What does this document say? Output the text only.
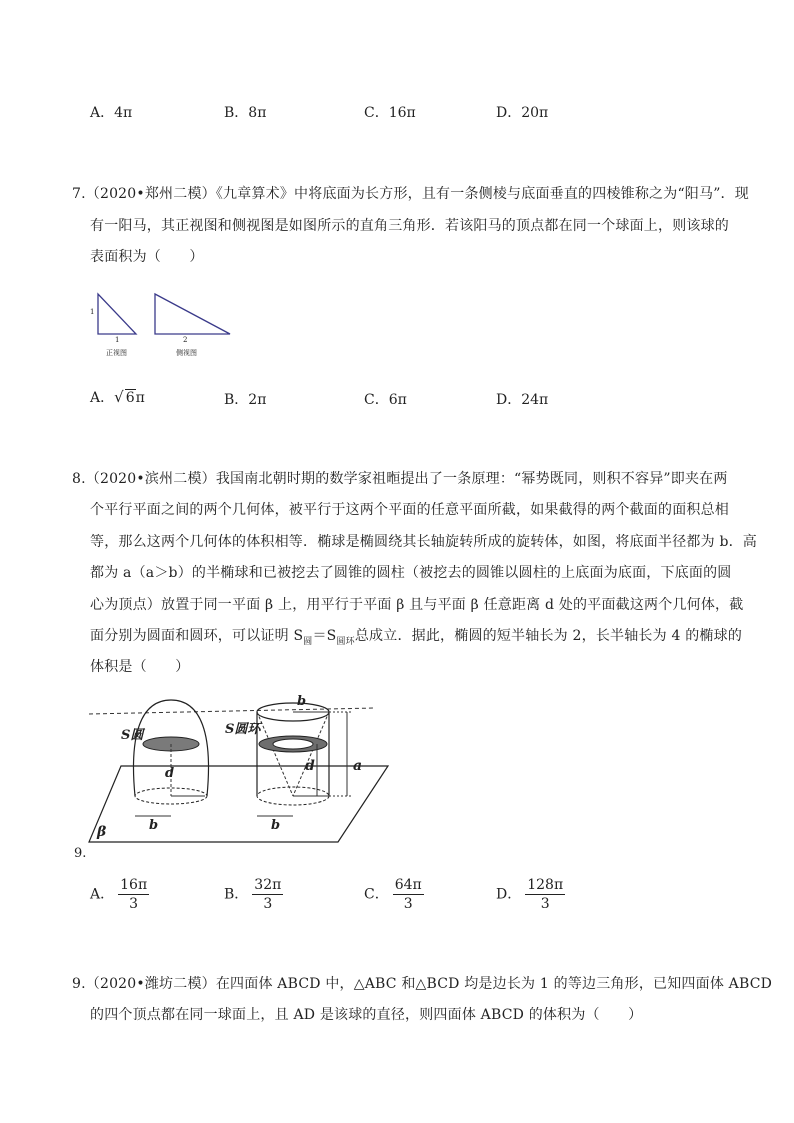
A．4π	B．8π	C．16π	D．20π
7.（2020•郑州二模）《九章算术》中将底面为长方形，且有一条侧棱与底面垂直的四棱锥称之为“阳马”．现
有一阳马，其正视图和侧视图是如图所示的直角三角形．若该阳马的顶点都在同一个球面上，则该球的
表面积为（　　）
1
1
正视图
2
侧视图
A．√ 6π	B．2π	C．6π	D．24π
8.（2020•滨州二模）我国南北朝时期的数学家祖暅提出了一条原理：“幂势既同，则积不容异”即夹在两
个平行平面之间的两个几何体，被平行于这两个平面的任意平面所截，如果截得的两个截面的面积总相
等，那么这两个几何体的体积相等．椭球是椭圆绕其长轴旋转所成的旋转体，如图，将底面半径都为 b．高
都为 a（a＞b）的半椭球和已被挖去了圆锥的圆柱（被挖去的圆锥以圆柱的上底面为底面，下底面的圆
心为顶点）放置于同一平面 β 上，用平行于平面 β 且与平面 β 任意距离 d 处的平面截这两个几何体，截
面分别为圆面和圆环，可以证明 $S_圆=S_{圆环}$总成立．据此，椭圆的短半轴长为 2，长半轴长为 4 的椭球的
体积是（　　）
S圆	S圆环
d	d	a
b
b	b
β
9.
A． $\frac{16\pi}{3}$	B． $\frac{32\pi}{3}$	C． $\frac{64\pi}{3}$	D． $\frac{128\pi}{3}$
9.（2020•潍坊二模）在四面体 ABCD 中，△ABC 和△BCD 均是边长为 1 的等边三角形，已知四面体 ABCD
的四个顶点都在同一球面上，且 AD 是该球的直径，则四面体 ABCD 的体积为（　　）
